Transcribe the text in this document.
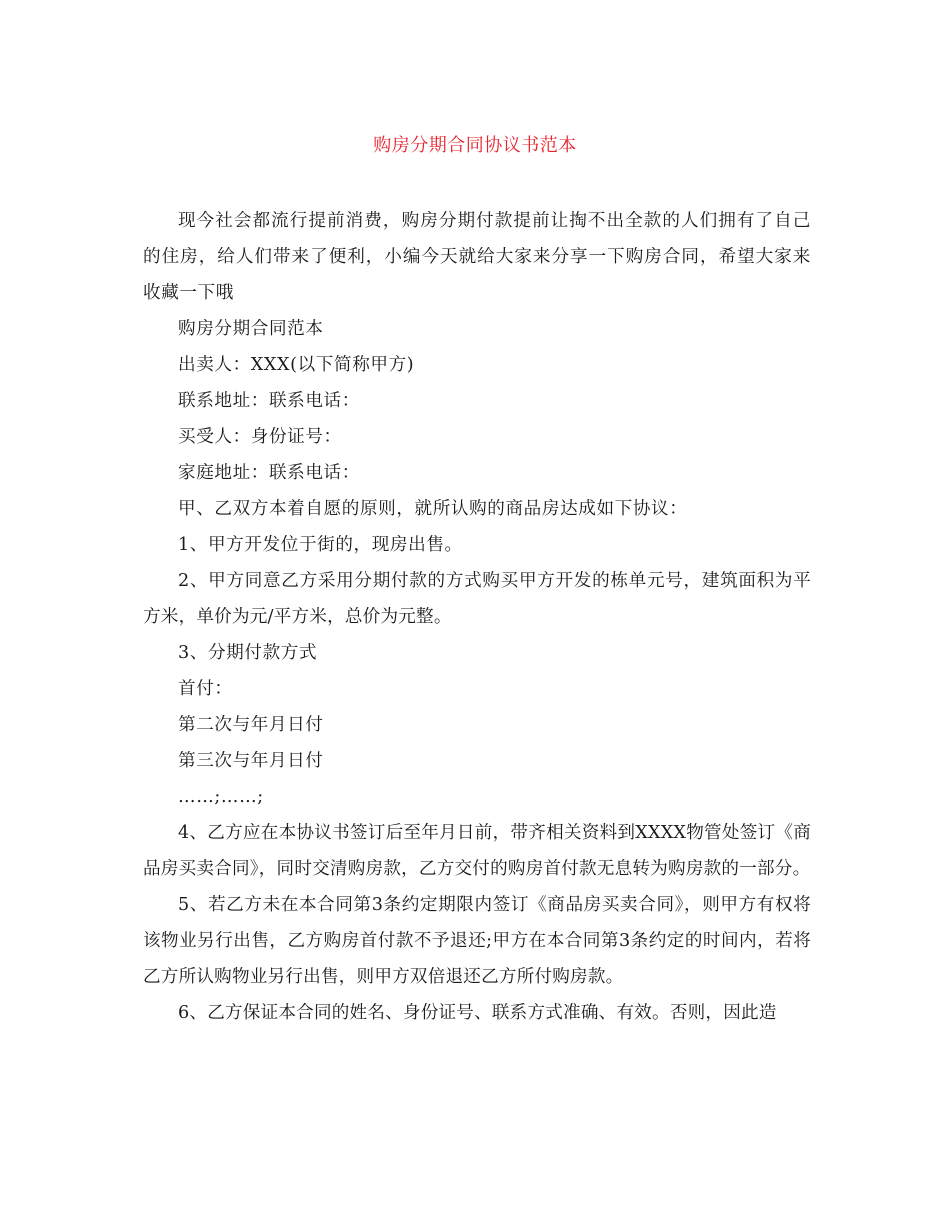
购房分期合同协议书范本

现今社会都流行提前消费，购房分期付款提前让掏不出全款的人们拥有了自己的住房，给人们带来了便利，小编今天就给大家来分享一下购房合同，希望大家来收藏一下哦

购房分期合同范本

出卖人：XXX(以下简称甲方)

联系地址：联系电话：

买受人：身份证号：

家庭地址：联系电话：

甲、乙双方本着自愿的原则，就所认购的商品房达成如下协议：

1、甲方开发位于街的，现房出售。

2、甲方同意乙方采用分期付款的方式购买甲方开发的栋单元号，建筑面积为平方米，单价为元/平方米，总价为元整。

3、分期付款方式

首付：

第二次与年月日付

第三次与年月日付

……;……;

4、乙方应在本协议书签订后至年月日前，带齐相关资料到XXXX物管处签订《商品房买卖合同》，同时交清购房款，乙方交付的购房首付款无息转为购房款的一部分。

5、若乙方未在本合同第3条约定期限内签订《商品房买卖合同》，则甲方有权将该物业另行出售，乙方购房首付款不予退还;甲方在本合同第3条约定的时间内，若将乙方所认购物业另行出售，则甲方双倍退还乙方所付购房款。

6、乙方保证本合同的姓名、身份证号、联系方式准确、有效。否则，因此造
